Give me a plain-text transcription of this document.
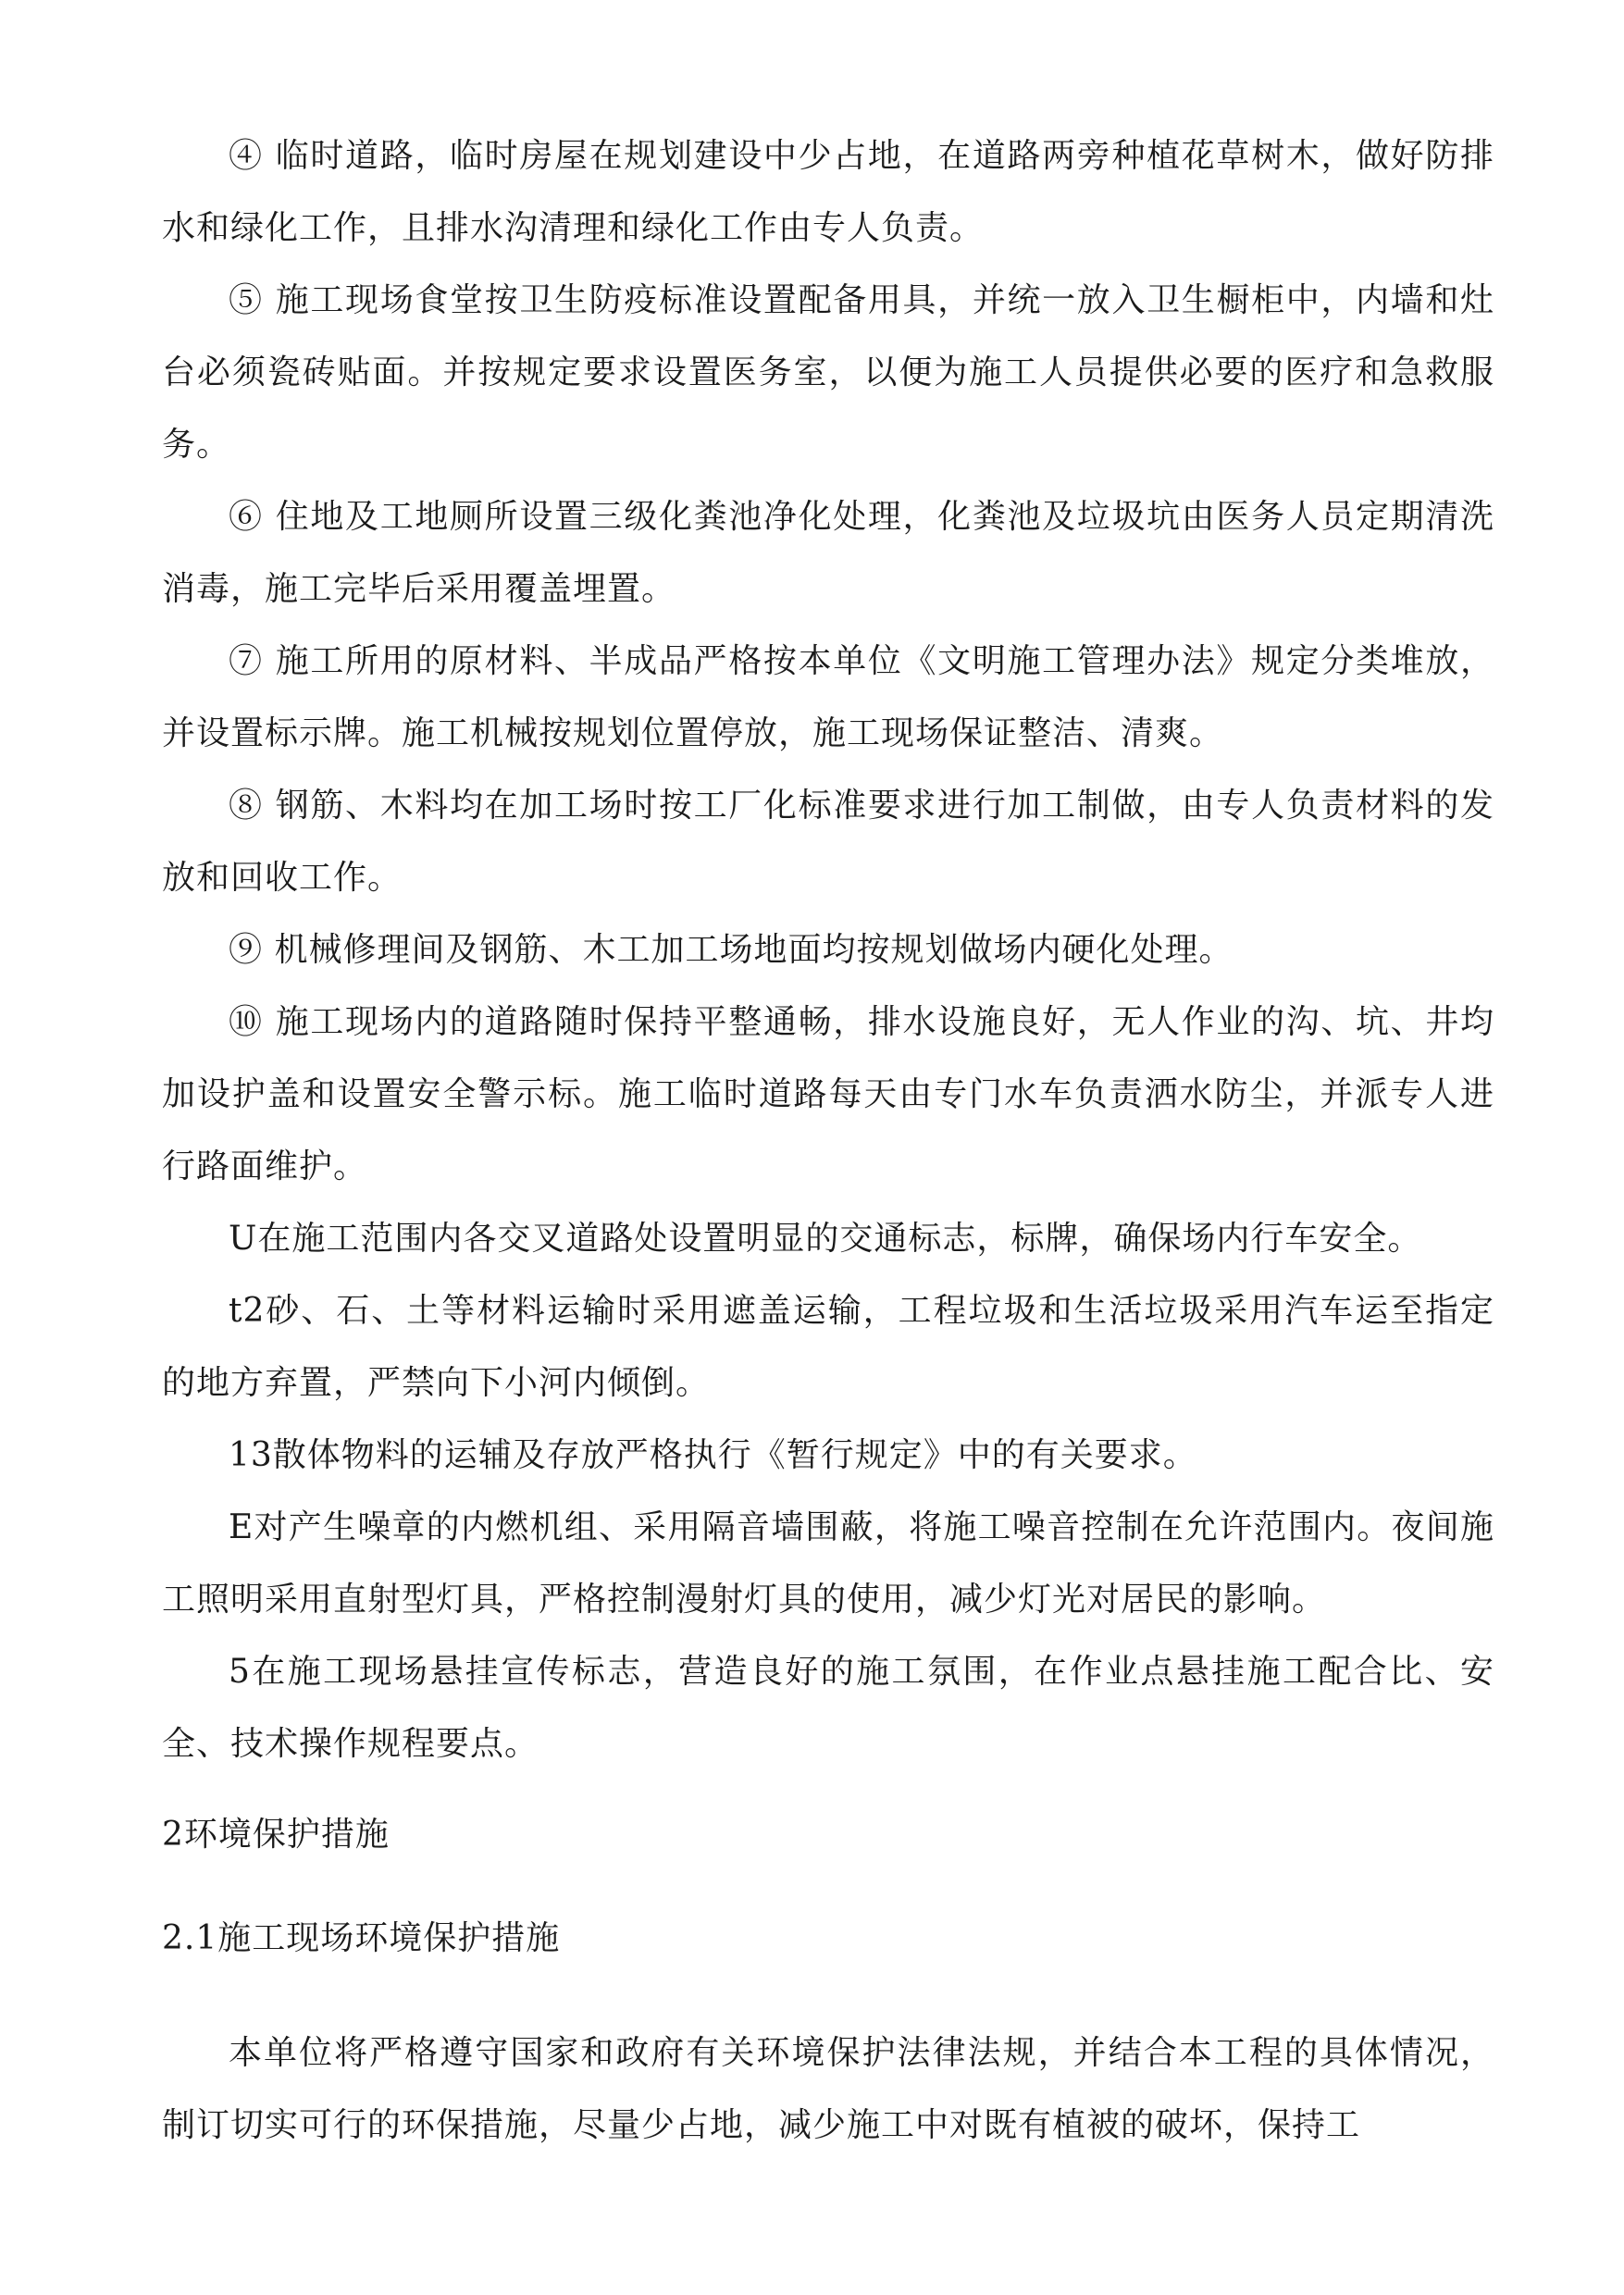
④ 临时道路，临时房屋在规划建设中少占地，在道路两旁种植花草树木，做好防排水和绿化工作，且排水沟清理和绿化工作由专人负责。

⑤ 施工现场食堂按卫生防疫标准设置配备用具，并统一放入卫生橱柜中，内墙和灶台必须瓷砖贴面。并按规定要求设置医务室，以便为施工人员提供必要的医疗和急救服务。

⑥ 住地及工地厕所设置三级化粪池净化处理，化粪池及垃圾坑由医务人员定期清洗消毒，施工完毕后采用覆盖埋置。

⑦ 施工所用的原材料、半成品严格按本单位《文明施工管理办法》规定分类堆放，并设置标示牌。施工机械按规划位置停放，施工现场保证整洁、清爽。

⑧ 钢筋、木料均在加工场时按工厂化标准要求进行加工制做，由专人负责材料的发放和回收工作。

⑨ 机械修理间及钢筋、木工加工场地面均按规划做场内硬化处理。

⑩ 施工现场内的道路随时保持平整通畅，排水设施良好，无人作业的沟、坑、井均加设护盖和设置安全警示标。施工临时道路每天由专门水车负责洒水防尘，并派专人进行路面维护。

U在施工范围内各交叉道路处设置明显的交通标志，标牌，确保场内行车安全。

t2砂、石、土等材料运输时采用遮盖运输，工程垃圾和生活垃圾采用汽车运至指定的地方弃置，严禁向下小河内倾倒。

13散体物料的运辅及存放严格执行《暂行规定》中的有关要求。

E对产生噪章的内燃机组、采用隔音墙围蔽，将施工噪音控制在允许范围内。夜间施工照明采用直射型灯具，严格控制漫射灯具的使用，减少灯光对居民的影响。

5在施工现场悬挂宣传标志，营造良好的施工氛围，在作业点悬挂施工配合比、安全、技术操作规程要点。

2环境保护措施

2.1施工现场环境保护措施

本单位将严格遵守国家和政府有关环境保护法律法规，并结合本工程的具体情况，制订切实可行的环保措施，尽量少占地，减少施工中对既有植被的破坏，保持工
